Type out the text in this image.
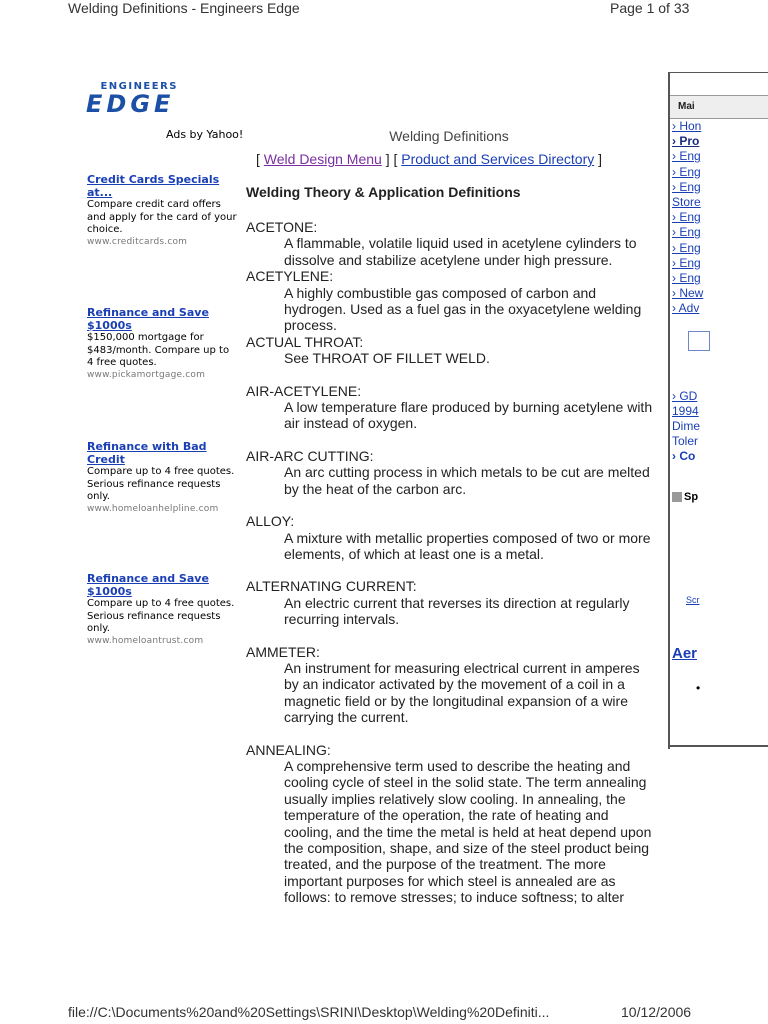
Welding Definitions - Engineers Edge	Page 1 of 33
ENGINEERS
EDGE
Ads by Yahoo!
Credit Cards Specials at...
Compare credit card offers and apply for the card of your choice.
www.creditcards.com
Refinance and Save $1000s
$150,000 mortgage for $483/month. Compare up to 4 free quotes.
www.pickamortgage.com
Refinance with Bad Credit
Compare up to 4 free quotes. Serious refinance requests only.
www.homeloanhelpline.com
Refinance and Save $1000s
Compare up to 4 free quotes. Serious refinance requests only.
www.homeloantrust.com
Welding Definitions
[ Weld Design Menu ] [ Product and Services Directory ]
Welding Theory & Application Definitions
ACETONE:
A flammable, volatile liquid used in acetylene cylinders to dissolve and stabilize acetylene under high pressure.
ACETYLENE:
A highly combustible gas composed of carbon and hydrogen. Used as a fuel gas in the oxyacetylene welding process.
ACTUAL THROAT:
See THROAT OF FILLET WELD.
AIR-ACETYLENE:
A low temperature flare produced by burning acetylene with air instead of oxygen.
AIR-ARC CUTTING:
An arc cutting process in which metals to be cut are melted by the heat of the carbon arc.
ALLOY:
A mixture with metallic properties composed of two or more elements, of which at least one is a metal.
ALTERNATING CURRENT:
An electric current that reverses its direction at regularly recurring intervals.
AMMETER:
An instrument for measuring electrical current in amperes by an indicator activated by the movement of a coil in a magnetic field or by the longitudinal expansion of a wire carrying the current.
ANNEALING:
A comprehensive term used to describe the heating and cooling cycle of steel in the solid state. The term annealing usually implies relatively slow cooling. In annealing, the temperature of the operation, the rate of heating and cooling, and the time the metal is held at heat depend upon the composition, shape, and size of the steel product being treated, and the purpose of the treatment. The more important purposes for which steel is annealed are as follows: to remove stresses; to induce softness; to alter
Mai
› Hon
› Pro
› Eng
› Eng
› Eng
Store
› Eng
› Eng
› Eng
› Eng
› Eng
› New
› Adv
› GD
1994
Dime
Toler
› Co
Sp
Scr
Aer
•
file://C:\Documents%20and%20Settings\SRINI\Desktop\Welding%20Definiti...	10/12/2006
